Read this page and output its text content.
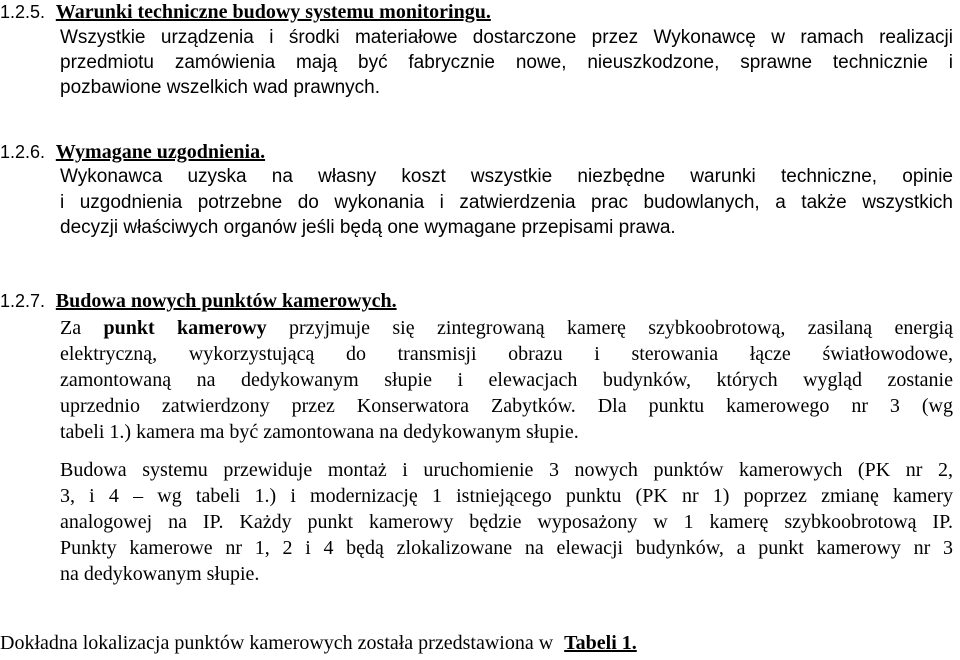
1.2.5. Warunki techniczne budowy systemu monitoringu.
Wszystkie urządzenia i środki materiałowe dostarczone przez Wykonawcę w ramach realizacji
przedmiotu zamówienia mają być fabrycznie nowe, nieuszkodzone, sprawne technicznie i
pozbawione wszelkich wad prawnych.
1.2.6. Wymagane uzgodnienia.
Wykonawca uzyska na własny koszt wszystkie niezbędne warunki techniczne, opinie
i uzgodnienia potrzebne do wykonania i zatwierdzenia prac budowlanych, a także wszystkich
decyzji właściwych organów jeśli będą one wymagane przepisami prawa.
1.2.7. Budowa nowych punktów kamerowych.
Za punkt kamerowy przyjmuje się zintegrowaną kamerę szybkoobrotową, zasilaną energią
elektryczną, wykorzystującą do transmisji obrazu i sterowania łącze światłowodowe,
zamontowaną na dedykowanym słupie i elewacjach budynków, których wygląd zostanie
uprzednio zatwierdzony przez Konserwatora Zabytków. Dla punktu kamerowego nr 3 (wg
tabeli 1.) kamera ma być zamontowana na dedykowanym słupie.
Budowa systemu przewiduje montaż i uruchomienie 3 nowych punktów kamerowych (PK nr 2,
3, i 4 – wg tabeli 1.) i modernizację 1 istniejącego punktu (PK nr 1) poprzez zmianę kamery
analogowej na IP. Każdy punkt kamerowy będzie wyposażony w 1 kamerę szybkoobrotową IP.
Punkty kamerowe nr 1, 2 i 4 będą zlokalizowane na elewacji budynków, a punkt kamerowy nr 3
na dedykowanym słupie.
Dokładna lokalizacja punktów kamerowych została przedstawiona w Tabeli 1.
